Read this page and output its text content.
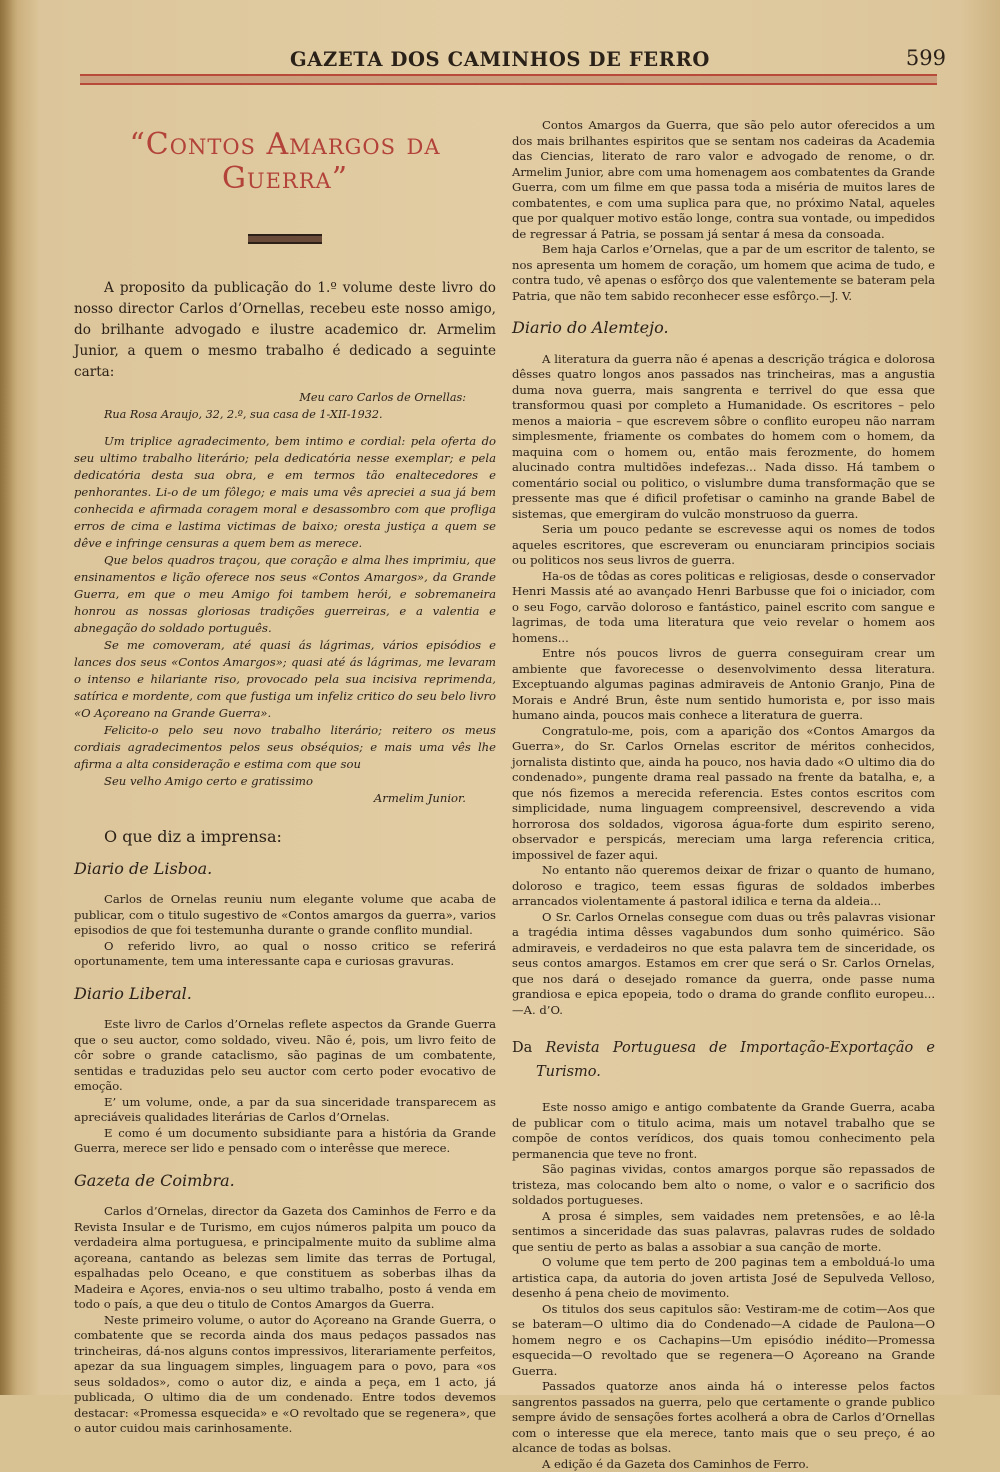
GAZETA DOS CAMINHOS DE FERRO	599
“Contos Amargos da Guerra”

A proposito da publicação do 1.º volume deste livro do nosso director Carlos d’Ornellas, recebeu este nosso amigo, do brilhante advogado e ilustre academico dr. Armelim Junior, a quem o mesmo trabalho é dedicado a seguinte carta:

Meu caro Carlos de Ornellas:

Rua Rosa Araujo, 32, 2.º, sua casa de 1-XII-1932.

Um triplice agradecimento, bem intimo e cordial: pela oferta do seu ultimo trabalho literário; pela dedicatória nesse exemplar; e pela dedicatória desta sua obra, e em termos tão enaltecedores e penhorantes. Li-o de um fôlego; e mais uma vês apreciei a sua já bem conhecida e afirmada coragem moral e desassombro com que profliga erros de cima e lastima victimas de baixo; oresta justiça a quem se dêve e infringe censuras a quem bem as merece.

Que belos quadros traçou, que coração e alma lhes imprimiu, que ensinamentos e lição oferece nos seus «Contos Amargos», da Grande Guerra, em que o meu Amigo foi tambem herói, e sobremaneira honrou as nossas gloriosas tradições guerreiras, e a valentia e abnegação do soldado português.

Se me comoveram, até quasi ás lágrimas, vários episódios e lances dos seus «Contos Amargos»; quasi até ás lágrimas, me levaram o intenso e hilariante riso, provocado pela sua incisiva reprimenda, satírica e mordente, com que fustiga um infeliz critico do seu belo livro «O Açoreano na Grande Guerra».

Felicito-o pelo seu novo trabalho literário; reitero os meus cordiais agradecimentos pelos seus obséquios; e mais uma vês lhe afirma a alta consideração e estima com que sou

Seu velho Amigo certo e gratissimo

Armelim Junior.

O que diz a imprensa:
Diario de Lisboa.

Carlos de Ornelas reuniu num elegante volume que acaba de publicar, com o titulo sugestivo de «Contos amargos da guerra», varios episodios de que foi testemunha durante o grande conflito mundial.

O referido livro, ao qual o nosso critico se referirá oportunamente, tem uma interessante capa e curiosas gravuras.

Diario Liberal.

Este livro de Carlos d’Ornelas reflete aspectos da Grande Guerra que o seu auctor, como soldado, viveu. Não é, pois, um livro feito de côr sobre o grande cataclismo, são paginas de um combatente, sentidas e traduzidas pelo seu auctor com certo poder evocativo de emoção.

E’ um volume, onde, a par da sua sinceridade transparecem as apreciáveis qualidades literárias de Carlos d’Ornelas.

E como é um documento subsidiante para a história da Grande Guerra, merece ser lido e pensado com o interêsse que merece.

Gazeta de Coimbra.

Carlos d’Ornelas, director da Gazeta dos Caminhos de Ferro e da Revista Insular e de Turismo, em cujos números palpita um pouco da verdadeira alma portuguesa, e principalmente muito da sublime alma açoreana, cantando as belezas sem limite das terras de Portugal, espalhadas pelo Oceano, e que constituem as soberbas ilhas da Madeira e Açores, envia-nos o seu ultimo trabalho, posto á venda em todo o país, a que deu o titulo de Contos Amargos da Guerra.

Neste primeiro volume, o autor do Açoreano na Grande Guerra, o combatente que se recorda ainda dos maus pedaços passados nas trincheiras, dá-nos alguns contos impressivos, literariamente perfeitos, apezar da sua linguagem simples, linguagem para o povo, para «os seus soldados», como o autor diz, e ainda a peça, em 1 acto, já publicada, O ultimo dia de um condenado. Entre todos devemos destacar: «Promessa esquecida» e «O revoltado que se regenera», que o autor cuidou mais carinhosamente.

Contos Amargos da Guerra, que são pelo autor oferecidos a um dos mais brilhantes espiritos que se sentam nos cadeiras da Academia das Ciencias, literato de raro valor e advogado de renome, o dr. Armelim Junior, abre com uma homenagem aos combatentes da Grande Guerra, com um filme em que passa toda a miséria de muitos lares de combatentes, e com uma suplica para que, no próximo Natal, aqueles que por qualquer motivo estão longe, contra sua vontade, ou impedidos de regressar á Patria, se possam já sentar á mesa da consoada.

Bem haja Carlos e’Ornelas, que a par de um escritor de talento, se nos apresenta um homem de coração, um homem que acima de tudo, e contra tudo, vê apenas o esfôrço dos que valentemente se bateram pela Patria, que não tem sabido reconhecer esse esfôrço.—J. V.

Diario do Alemtejo.

A literatura da guerra não é apenas a descrição trágica e dolorosa dêsses quatro longos anos passados nas trincheiras, mas a angustia duma nova guerra, mais sangrenta e terrivel do que essa que transformou quasi por completo a Humanidade. Os escritores – pelo menos a maioria – que escrevem sôbre o conflito europeu não narram simplesmente, friamente os combates do homem com o homem, da maquina com o homem ou, então mais ferozmente, do homem alucinado contra multidões indefezas... Nada disso. Há tambem o comentário social ou politico, o vislumbre duma transformação que se pressente mas que é dificil profetisar o caminho na grande Babel de sistemas, que emergiram do vulcão monstruoso da guerra.

Seria um pouco pedante se escrevesse aqui os nomes de todos aqueles escritores, que escreveram ou enunciaram principios sociais ou politicos nos seus livros de guerra.

Ha-os de tôdas as cores politicas e religiosas, desde o conservador Henri Massis até ao avançado Henri Barbusse que foi o iniciador, com o seu Fogo, carvão doloroso e fantástico, painel escrito com sangue e lagrimas, de toda uma literatura que veio revelar o homem aos homens...

Entre nós poucos livros de guerra conseguiram crear um ambiente que favorecesse o desenvolvimento dessa literatura. Exceptuando algumas paginas admiraveis de Antonio Granjo, Pina de Morais e André Brun, êste num sentido humorista e, por isso mais humano ainda, poucos mais conhece a literatura de guerra.

Congratulo-me, pois, com a aparição dos «Contos Amargos da Guerra», do Sr. Carlos Ornelas escritor de méritos conhecidos, jornalista distinto que, ainda ha pouco, nos havia dado «O ultimo dia do condenado», pungente drama real passado na frente da batalha, e, a que nós fizemos a merecida referencia. Estes contos escritos com simplicidade, numa linguagem compreensivel, descrevendo a vida horrorosa dos soldados, vigorosa água-forte dum espirito sereno, observador e perspicás, mereciam uma larga referencia critica, impossivel de fazer aqui.

No entanto não queremos deixar de frizar o quanto de humano, doloroso e tragico, teem essas figuras de soldados imberbes arrancados violentamente á pastoral idilica e terna da aldeia...

O Sr. Carlos Ornelas consegue com duas ou três palavras visionar a tragédia intima dêsses vagabundos dum sonho quimérico. São admiraveis, e verdadeiros no que esta palavra tem de sinceridade, os seus contos amargos. Estamos em crer que será o Sr. Carlos Ornelas, que nos dará o desejado romance da guerra, onde passe numa grandiosa e epica epopeia, todo o drama do grande conflito europeu...—A. d’O.

Da Revista Portuguesa de Importação-Exportação e Turismo.

Este nosso amigo e antigo combatente da Grande Guerra, acaba de publicar com o titulo acima, mais um notavel trabalho que se compõe de contos verídicos, dos quais tomou conhecimento pela permanencia que teve no front.

São paginas vividas, contos amargos porque são repassados de tristeza, mas colocando bem alto o nome, o valor e o sacrificio dos soldados portugueses.

A prosa é simples, sem vaidades nem pretensões, e ao lê-la sentimos a sinceridade das suas palavras, palavras rudes de soldado que sentiu de perto as balas a assobiar a sua canção de morte.

O volume que tem perto de 200 paginas tem a embolduá-lo uma artistica capa, da autoria do joven artista José de Sepulveda Velloso, desenho á pena cheio de movimento.

Os titulos dos seus capitulos são: Vestiram-me de cotim—Aos que se bateram—O ultimo dia do Condenado—A cidade de Paulona—O homem negro e os Cachapins—Um episódio inédito—Promessa esquecida—O revoltado que se regenera—O Açoreano na Grande Guerra.

Passados quatorze anos ainda há o interesse pelos factos sangrentos passados na guerra, pelo que certamente o grande publico sempre ávido de sensações fortes acolherá a obra de Carlos d’Ornellas com o interesse que ela merece, tanto mais que o seu preço, é ao alcance de todas as bolsas.

A edição é da Gazeta dos Caminhos de Ferro.
